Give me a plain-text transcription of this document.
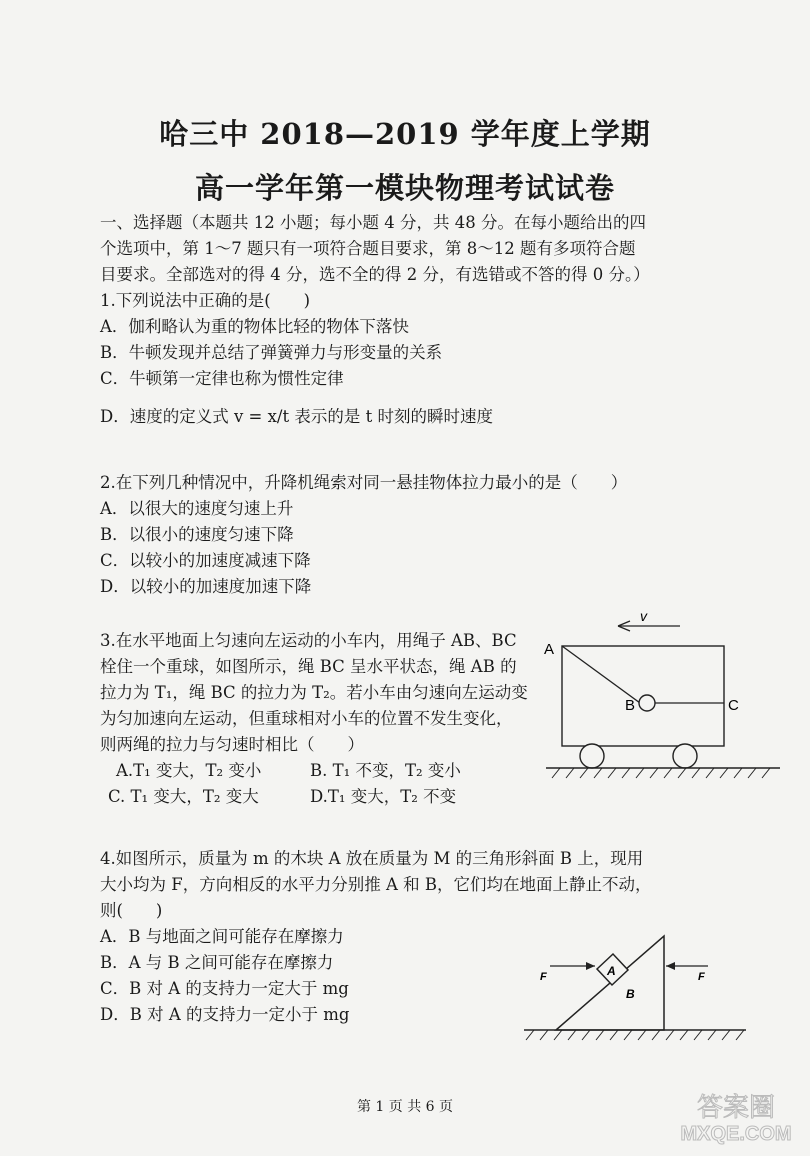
哈三中 2018—2019 学年度上学期
高一学年第一模块物理考试试卷
一、选择题（本题共 12 小题；每小题 4 分，共 48 分。在每小题给出的四
个选项中，第 1～7 题只有一项符合题目要求，第 8～12 题有多项符合题
目要求。全部选对的得 4 分，选不全的得 2 分，有选错或不答的得 0 分。）
1.下列说法中正确的是(　　)
A．伽利略认为重的物体比轻的物体下落快
B．牛顿发现并总结了弹簧弹力与形变量的关系
C．牛顿第一定律也称为惯性定律
D．速度的定义式 v = x/t 表示的是 t 时刻的瞬时速度
2.在下列几种情况中，升降机绳索对同一悬挂物体拉力最小的是（　　）
A．以很大的速度匀速上升
B．以很小的速度匀速下降
C．以较小的加速度减速下降
D．以较小的加速度加速下降
3.在水平地面上匀速向左运动的小车内，用绳子 AB、BC
栓住一个重球，如图所示，绳 BC 呈水平状态，绳 AB 的
拉力为 T₁，绳 BC 的拉力为 T₂。若小车由匀速向左运动变
为匀加速向左运动，但重球相对小车的位置不发生变化，
则两绳的拉力与匀速时相比（　　）
A.T₁ 变大，T₂ 变小	B. T₁ 不变，T₂ 变小
C. T₁ 变大，T₂ 变大	D.T₁ 变大，T₂ 不变
v
A
B	C
4.如图所示，质量为 m 的木块 A 放在质量为 M 的三角形斜面 B 上，现用
大小均为 F，方向相反的水平力分别推 A 和 B，它们均在地面上静止不动，
则(　　)
A．B 与地面之间可能存在摩擦力
B．A 与 B 之间可能存在摩擦力
C．B 对 A 的支持力一定大于 mg
D．B 对 A 的支持力一定小于 mg
A
B
F	F
第 1 页 共 6 页	答案圈
MXQE.COM
